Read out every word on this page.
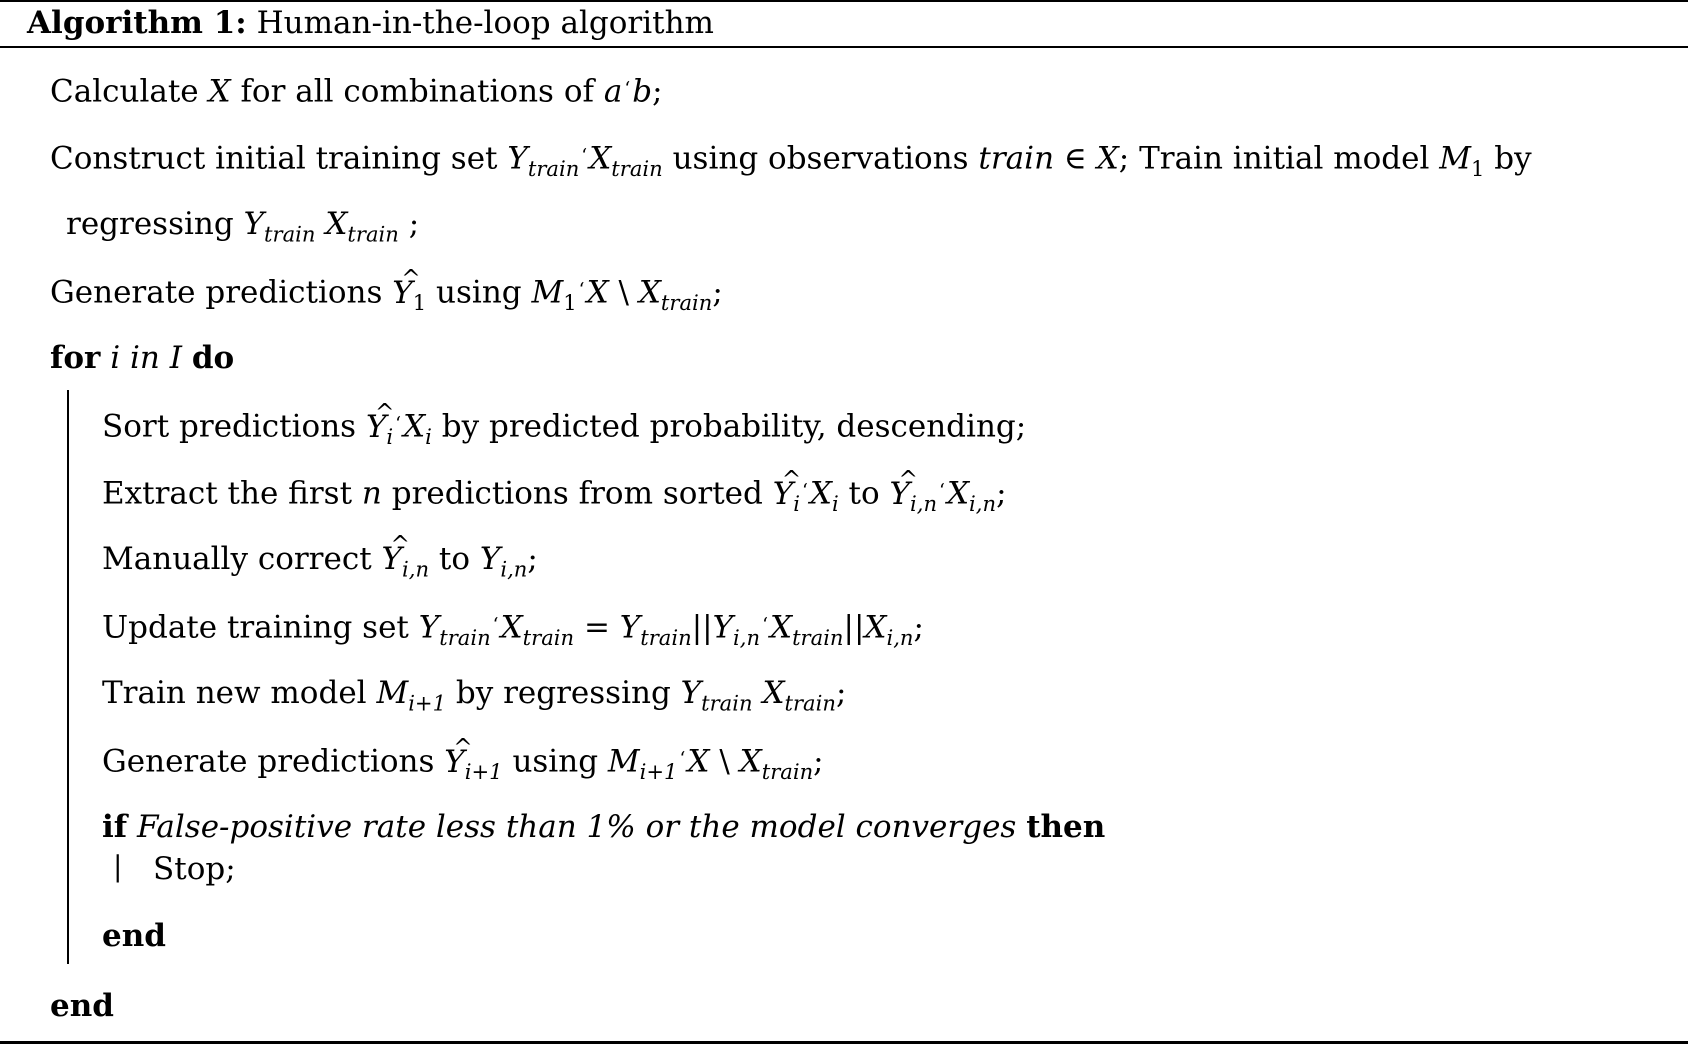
Algorithm 1: Human-in-the-loop algorithm
Calculate X for all combinations of a ‘b;
Construct initial training set $Y_{train}$ $^‘X_{train}$ using observations train ∈ X; Train initial model $M_1$ by
regressing $Y_{train}$ $X_{train}$ ;
Generate predictions ^ $Y_1$ using $M_1$ ‘X \ $X_{train}$;
for i in I do
Sort predictions ^ $Y_i$ $^‘X_i$ by predicted probability, descending;
Extract the first n predictions from sorted ^ $Y_i$ $^‘X_i$ to ^ $Y_{i,n}$ $^‘X_{i,n}$;
Manually correct ^ $Y_{i,n}$ to $Y_{i,n}$;
Update training set $Y_{train}$ $^‘X_{train} = Y_{train}||Y_{i,n}$ $^‘X_{train}||X_{i,n}$;
Train new model $M_{i+1}$ by regressing $Y_{train}$ $X_{train}$;
Generate predictions ^ $Y_{i+1}$ using $M_{i+1}$ ‘X \ $X_{train}$;
if False-positive rate less than 1% or the model converges then
| Stop;
end
end
